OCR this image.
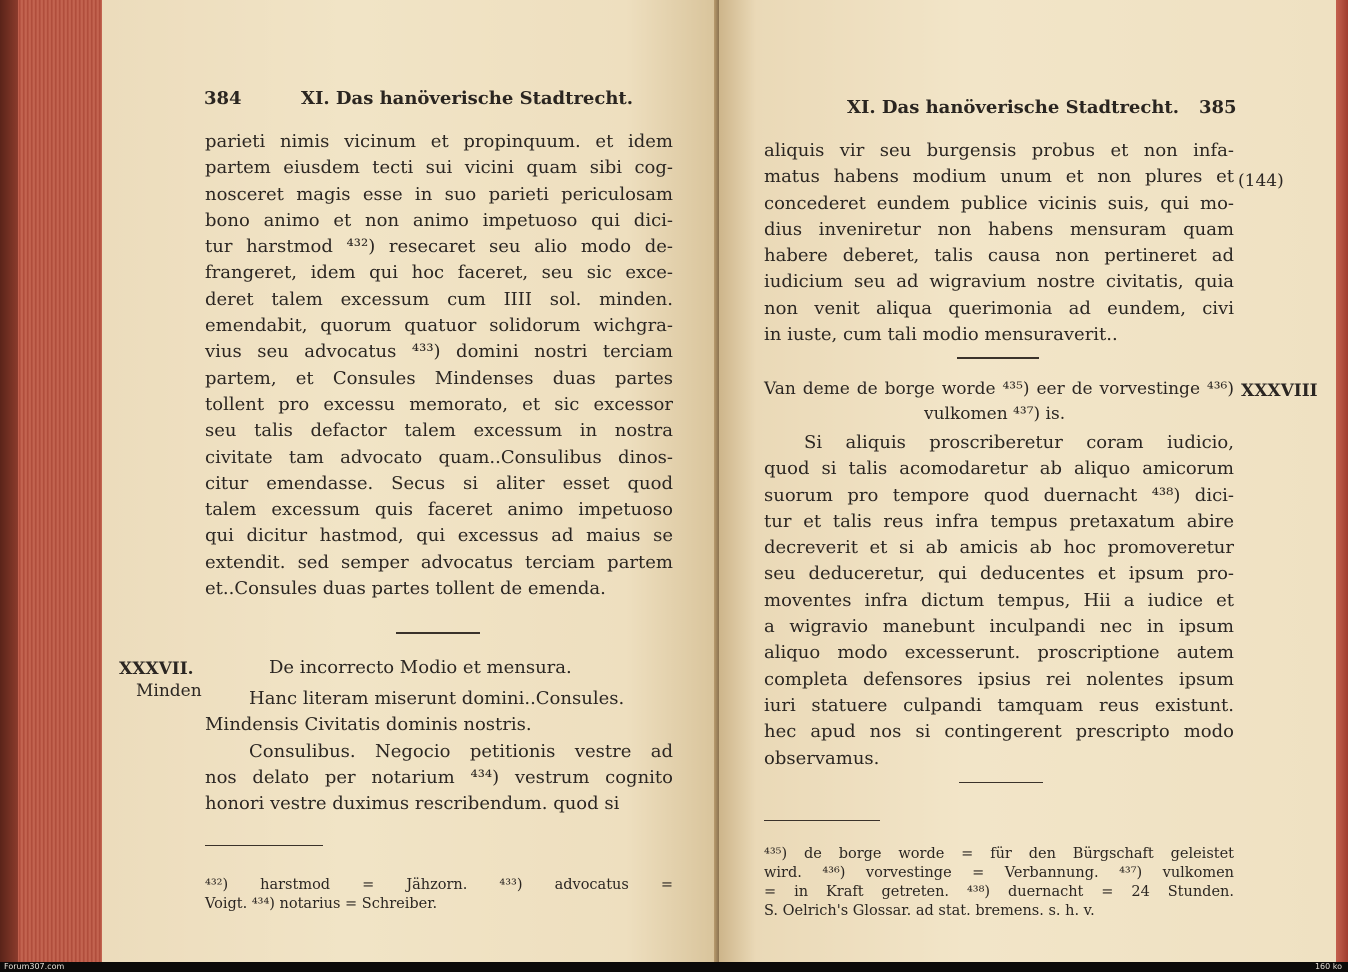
384	XI. Das hanöverische Stadtrecht.
parieti nimis vicinum et propinquum. et idem
partem eiusdem tecti sui vicini quam sibi cog-
nosceret magis esse in suo parieti periculosam
bono animo et non animo impetuoso qui dici-
tur harstmod ⁴³²) resecaret seu alio modo de-
frangeret, idem qui hoc faceret, seu sic exce-
deret talem excessum cum IIII sol. minden.
emendabit, quorum quatuor solidorum wichgra-
vius seu advocatus ⁴³³) domini nostri terciam
partem, et Consules Mindenses duas partes
tollent pro excessu memorato, et sic excessor
seu talis defactor talem excessum in nostra
civitate tam advocato quam..Consulibus dinos-
citur emendasse. Secus si aliter esset quod
talem excessum quis faceret animo impetuoso
qui dicitur hastmod, qui excessus ad maius se
extendit. sed semper advocatus terciam partem
et..Consules duas partes tollent de emenda.
XXXVII.
Minden
De incorrecto Modio et mensura.
Hanc literam miserunt domini..Consules.
Mindensis Civitatis dominis nostris.
Consulibus. Negocio petitionis vestre ad
nos delato per notarium ⁴³⁴) vestrum cognito
honori vestre duximus rescribendum. quod si
⁴³²) harstmod = Jähzorn. ⁴³³) advocatus =
Voigt. ⁴³⁴) notarius = Schreiber.
XI. Das hanöverische Stadtrecht. 385
aliquis vir seu burgensis probus et non infa-
matus habens modium unum et non plures et
concederet eundem publice vicinis suis, qui mo-
dius inveniretur non habens mensuram quam
habere deberet, talis causa non pertineret ad
iudicium seu ad wigravium nostre civitatis, quia
non venit aliqua querimonia ad eundem, civi
in iuste, cum tali modio mensuraverit..
(144)
Van deme de borge worde ⁴³⁵) eer de vorvestinge ⁴³⁶)
vulkomen ⁴³⁷) is.
XXXVIII
Si aliquis proscriberetur coram iudicio,
quod si talis acomodaretur ab aliquo amicorum
suorum pro tempore quod duernacht ⁴³⁸) dici-
tur et talis reus infra tempus pretaxatum abire
decreverit et si ab amicis ab hoc promoveretur
seu deduceretur, qui deducentes et ipsum pro-
moventes infra dictum tempus, Hii a iudice et
a wigravio manebunt inculpandi nec in ipsum
aliquo modo excesserunt. proscriptione autem
completa defensores ipsius rei nolentes ipsum
iuri statuere culpandi tamquam reus existunt.
hec apud nos si contingerent prescripto modo
observamus.
⁴³⁵) de borge worde = für den Bürgschaft geleistet
wird. ⁴³⁶) vorvestinge = Verbannung. ⁴³⁷) vulkomen
= in Kraft getreten. ⁴³⁸) duernacht = 24 Stunden.
S. Oelrich's Glossar. ad stat. bremens. s. h. v.
Forum307.com	160 ko
